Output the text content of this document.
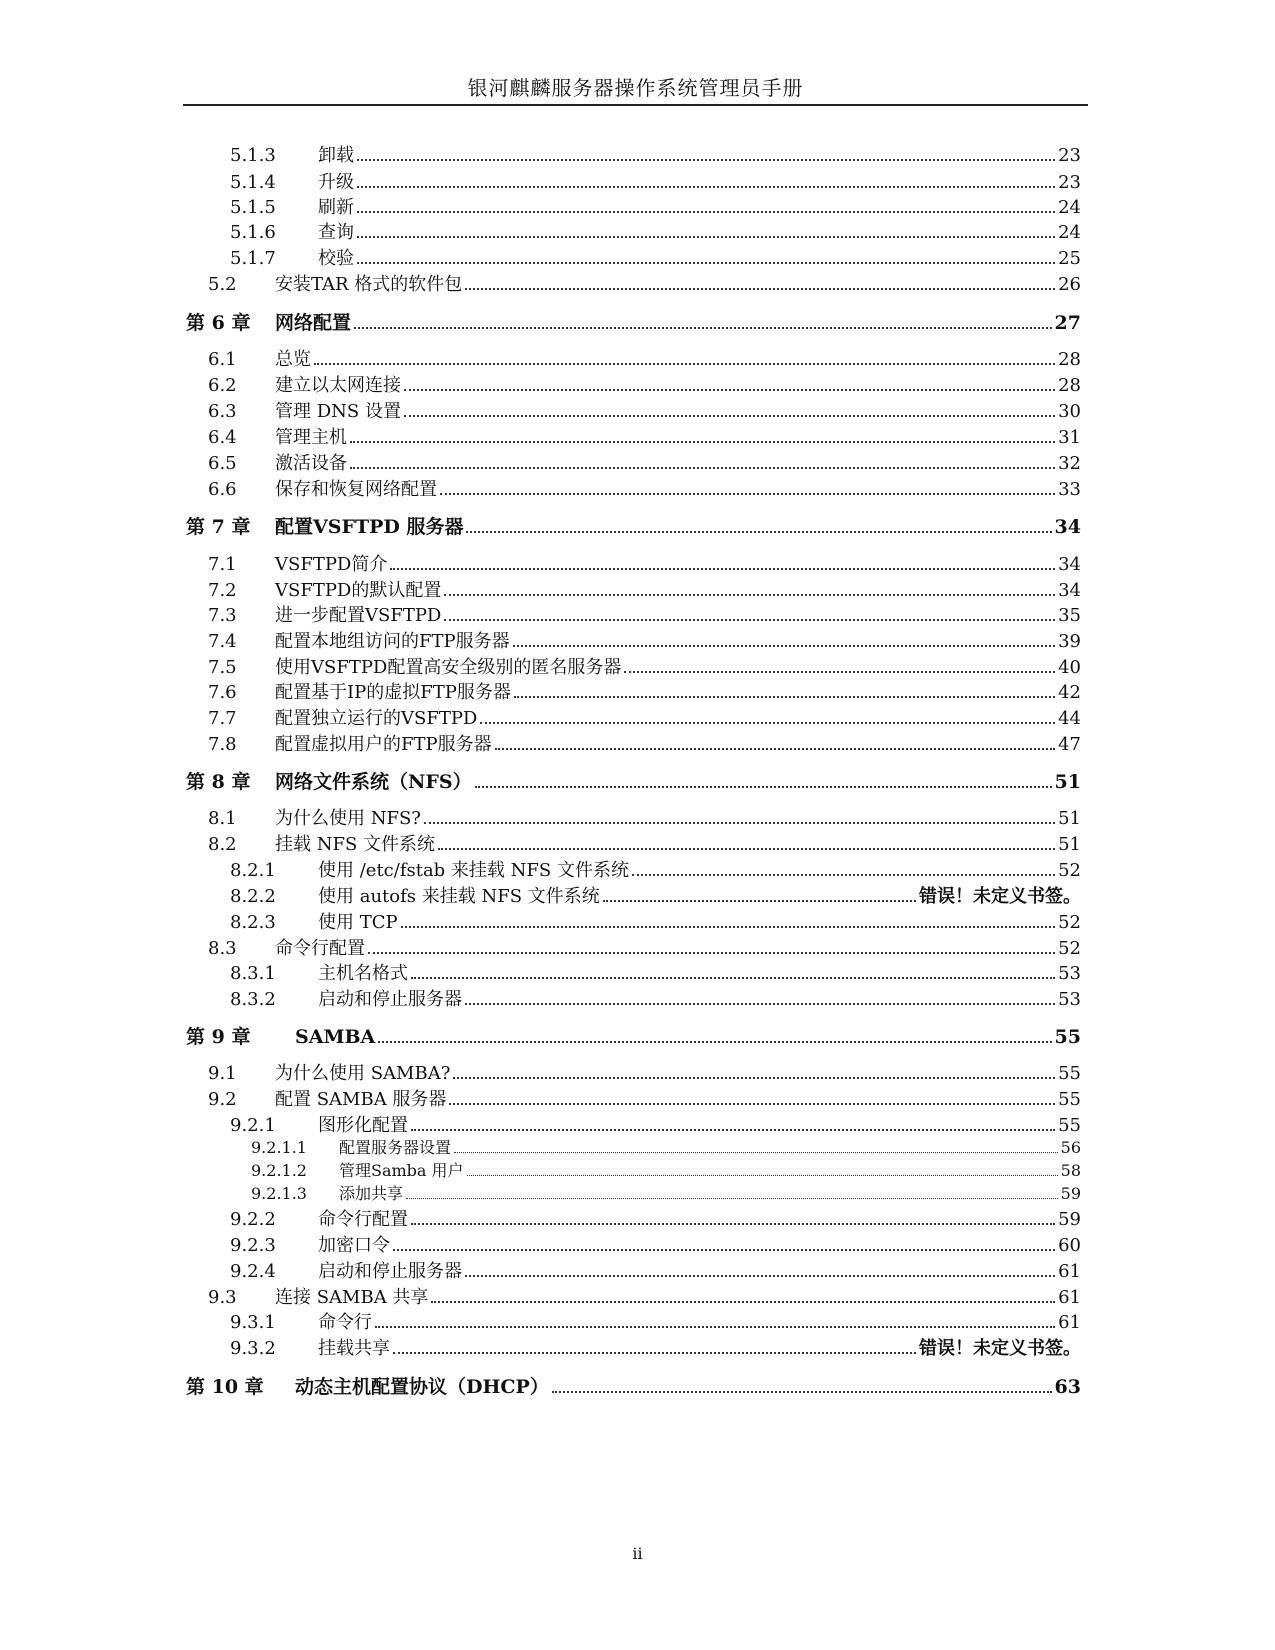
银河麒麟服务器操作系统管理员手册
5.1.3 卸载	23
5.1.4 升级	23
5.1.5 刷新	24
5.1.6 查询	24
5.1.7 校验	25
5.2 安装TAR 格式的软件包	26
第 6 章 网络配置	27
6.1 总览	28
6.2 建立以太网连接	28
6.3 管理 DNS 设置	30
6.4 管理主机	31
6.5 激活设备	32
6.6 保存和恢复网络配置	33
第 7 章 配置VSFTPD 服务器	34
7.1 VSFTPD简介	34
7.2 VSFTPD的默认配置	34
7.3 进一步配置VSFTPD	35
7.4 配置本地组访问的FTP服务器	39
7.5 使用VSFTPD配置高安全级别的匿名服务器	40
7.6 配置基于IP的虚拟FTP服务器	42
7.7 配置独立运行的VSFTPD	44
7.8 配置虚拟用户的FTP服务器	47
第 8 章 网络文件系统（NFS）	51
8.1 为什么使用 NFS?	51
8.2 挂载 NFS 文件系统	51
8.2.1 使用 /etc/fstab 来挂载 NFS 文件系统	52
8.2.2 使用 autofs 来挂载 NFS 文件系统	错误！未定义书签。
8.2.3 使用 TCP	52
8.3 命令行配置	52
8.3.1 主机名格式	53
8.3.2 启动和停止服务器	53
第 9 章 SAMBA	55
9.1 为什么使用 SAMBA?	55
9.2 配置 SAMBA 服务器	55
9.2.1 图形化配置	55
9.2.1.1 配置服务器设置	56
9.2.1.2 管理Samba 用户	58
9.2.1.3 添加共享	59
9.2.2 命令行配置	59
9.2.3 加密口令	60
9.2.4 启动和停止服务器	61
9.3 连接 SAMBA 共享	61
9.3.1 命令行	61
9.3.2 挂载共享	错误！未定义书签。
第 10 章 动态主机配置协议（DHCP）	63
ii
